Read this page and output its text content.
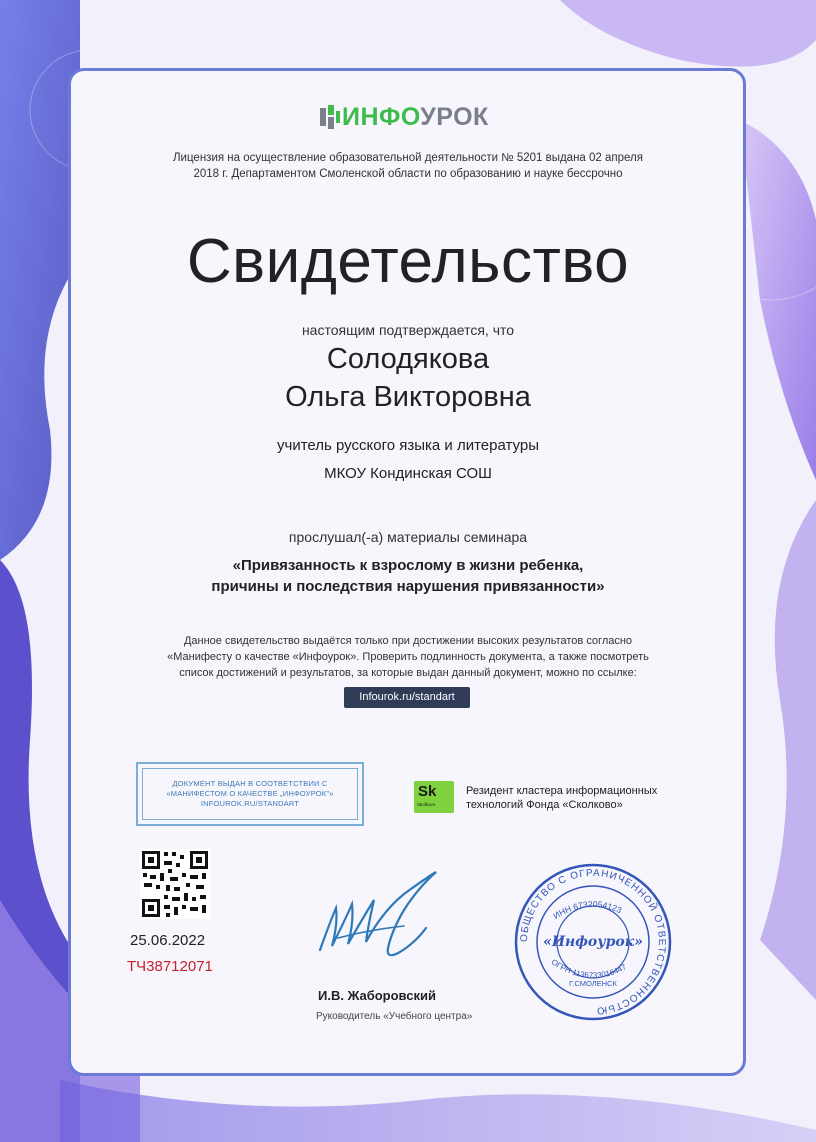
ИНФОУРОК
Лицензия на осуществление образовательной деятельности № 5201 выдана 02 апреля
2018 г. Департаментом Смоленской области по образованию и науке бессрочно
Свидетельство
настоящим подтверждается, что
Солодякова
Ольга Викторовна
учитель русского языка и литературы
МКОУ Кондинская СОШ
прослушал(-а) материалы семинара
«Привязанность к взрослому в жизни ребенка,
причины и последствия нарушения привязанности»
Данное свидетельство выдаётся только при достижении высоких результатов согласно
«Манифесту о качестве «Инфоурок». Проверить подлинность документа, а также посмотреть
список достижений и результатов, за которые выдан данный документ, можно по ссылке:
Infourok.ru/standart
ДОКУМЕНТ ВЫДАН В СООТВЕТСТВИИ С
«МАНИФЕСТОМ О КАЧЕСТВЕ „ИНФОУРОК"»
INFOUROK.RU/STANDART
Sk
Skolkovo
Резидент кластера информационных
технологий Фонда «Сколково»
25.06.2022
ТЧ38712071
И.В. Жаборовский
Руководитель «Учебного центра»
ОБЩЕСТВО С ОГРАНИЧЕННОЙ ОТВЕТСТВЕННОСТЬЮ
ИНН 6732054123
ОГРН 1136733016447
«Инфоурок»
Г.СМОЛЕНСК
